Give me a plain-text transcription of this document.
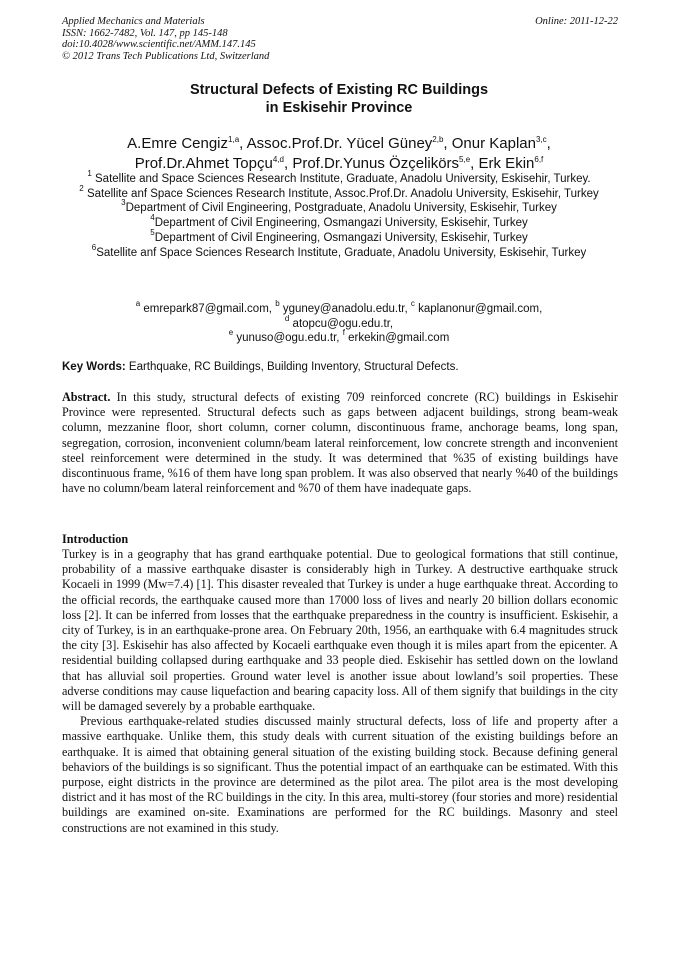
Applied Mechanics and Materials
ISSN: 1662-7482, Vol. 147, pp 145-148
doi:10.4028/www.scientific.net/AMM.147.145
© 2012 Trans Tech Publications Ltd, Switzerland
Online: 2011-12-22
Structural Defects of Existing RC Buildings
in Eskisehir Province
A.Emre Cengiz$^{1,a}$, Assoc.Prof.Dr. Yücel Güney$^{2,b}$, Onur Kaplan$^{3,c}$,
Prof.Dr.Ahmet Topçu$^{4,d}$, Prof.Dr.Yunus Özçelikörs$^{5,e}$, Erk Ekin$^{6,f}$
$^1$ Satellite and Space Sciences Research Institute, Graduate, Anadolu University, Eskisehir, Turkey.
$^2$ Satellite anf Space Sciences Research Institute, Assoc.Prof.Dr. Anadolu University, Eskisehir, Turkey
$^3$Department of Civil Engineering, Postgraduate, Anadolu University, Eskisehir, Turkey
$^4$Department of Civil Engineering, Osmangazi University, Eskisehir, Turkey
$^5$Department of Civil Engineering, Osmangazi University, Eskisehir, Turkey
$^6$Satellite anf Space Sciences Research Institute, Graduate, Anadolu University, Eskisehir, Turkey
$^a$ emrepark87@gmail.com, $^b$ yguney@anadolu.edu.tr, $^c$ kaplanonur@gmail.com,
$^d$ atopcu@ogu.edu.tr,
$^e$ yunuso@ogu.edu.tr, $^f$ erkekin@gmail.com
Key Words: Earthquake, RC Buildings, Building Inventory, Structural Defects.
Abstract. In this study, structural defects of existing 709 reinforced concrete (RC) buildings in Eskisehir Province were represented. Structural defects such as gaps between adjacent buildings, strong beam-weak column, mezzanine floor, short column, corner column, discontinuous frame, anchorage beams, long span, segregation, corrosion, inconvenient column/beam lateral reinforcement, low concrete strength and inconvenient steel reinforcement were determined in the study. It was determined that %35 of existing buildings have discontinuous frame, %16 of them have long span problem. It was also observed that nearly %40 of the buildings have no column/beam lateral reinforcement and %70 of them have inadequate gaps.
Introduction

Turkey is in a geography that has grand earthquake potential. Due to geological formations that still continue, probability of a massive earthquake disaster is considerably high in Turkey. A destructive earthquake struck Kocaeli in 1999 (Mw=7.4) [1]. This disaster revealed that Turkey is under a huge earthquake threat. According to the official records, the earthquake caused more than 17000 loss of lives and nearly 20 billion dollars economic loss [2]. It can be inferred from losses that the earthquake preparedness in the country is insufficient. Eskisehir, a city of Turkey, is in an earthquake-prone area. On February 20th, 1956, an earthquake with 6.4 magnitudes struck the city [3]. Eskisehir has also affected by Kocaeli earthquake even though it is miles apart from the epicenter. A residential building collapsed during earthquake and 33 people died. Eskisehir has settled down on the lowland that has alluvial soil properties. Ground water level is another issue about lowland’s soil properties. These adverse conditions may cause liquefaction and bearing capacity loss. All of them signify that buildings in the city will be damaged severely by a probable earthquake.

Previous earthquake-related studies discussed mainly structural defects, loss of life and property after a massive earthquake. Unlike them, this study deals with current situation of the existing buildings before an earthquake. It is aimed that obtaining general situation of the existing building stock. Because defining general behaviors of the buildings is so significant. Thus the potential impact of an earthquake can be estimated. With this purpose, eight districts in the province are determined as the pilot area. The pilot area is the most developing district and it has most of the RC buildings in the city. In this area, multi-storey (four stories and more) residential buildings are examined on-site. Examinations are performed for the RC buildings. Masonry and steel constructions are not examined in this study.
